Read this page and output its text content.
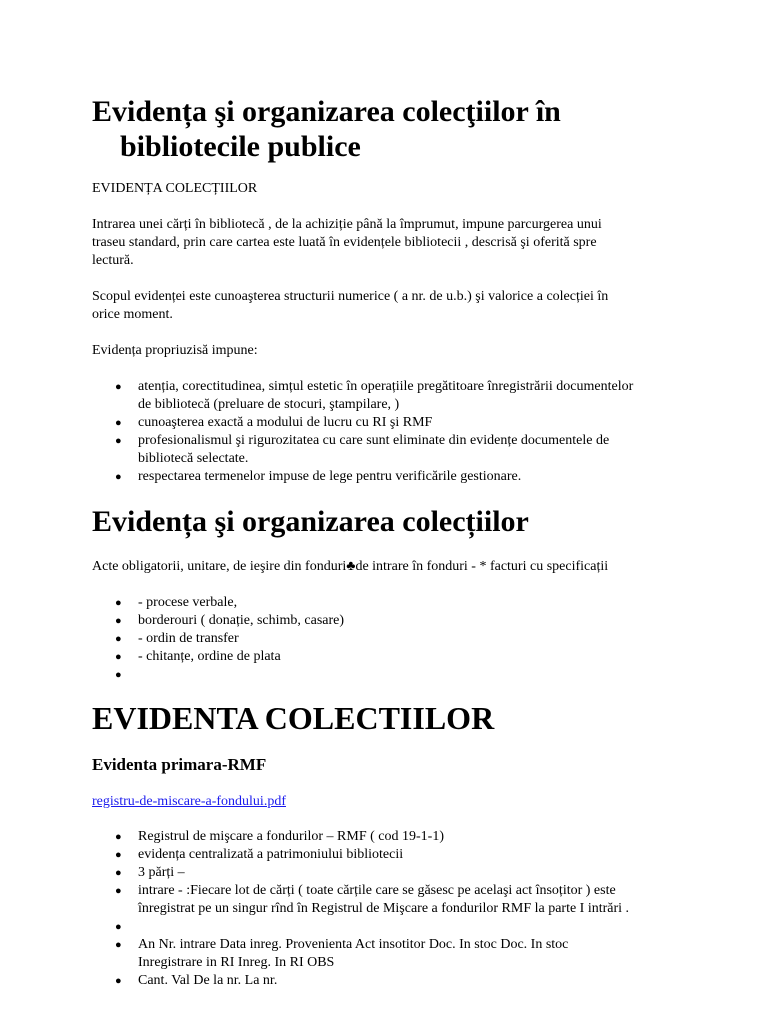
Evidența şi organizarea colecţiilor în
bibliotecile publice

EVIDENȚA COLECȚIILOR

Intrarea unei cărți în bibliotecă , de la achiziție până la împrumut, impune parcurgerea unui

traseu standard, prin care cartea este luată în evidențele bibliotecii , descrisă şi oferită spre

lectură.

Scopul evidenței este cunoaşterea structurii numerice ( a nr. de u.b.) şi valorice a colecției în

orice moment.

Evidența propriuzisă impune:

● atenția, corectitudinea, simțul estetic în operațiile pregătitoare înregistrării documentelor
de bibliotecă (preluare de stocuri, ştampilare, )
● cunoaşterea exactă a modului de lucru cu RI şi RMF
● profesionalismul şi rigurozitatea cu care sunt eliminate din evidențe documentele de
bibliotecă selectate.
● respectarea termenelor impuse de lege pentru verificările gestionare.
Evidența şi organizarea colecțiilor

Acte obligatorii, unitare, de ieşire din fonduri♣de intrare în fonduri - * facturi cu specificații

● - procese verbale,
● borderouri ( donație, schimb, casare)
● - ordin de transfer
● - chitanțe, ordine de plata
●
EVIDENTA COLECTIILOR
Evidenta primara-RMF

registru-de-miscare-a-fondului.pdf

● Registrul de mişcare a fondurilor – RMF ( cod 19-1-1)
● evidența centralizată a patrimoniului bibliotecii
● 3 părți –
● intrare - :Fiecare lot de cărți ( toate cărțile care se găsesc pe acelaşi act însoțitor ) este
înregistrat pe un singur rînd în Registrul de Mişcare a fondurilor RMF la parte I intrări .
●
● An Nr. intrare Data inreg. Provenienta Act insotitor Doc. In stoc Doc. In stoc
Inregistrare in RI Inreg. In RI OBS
● Cant. Val De la nr. La nr.
